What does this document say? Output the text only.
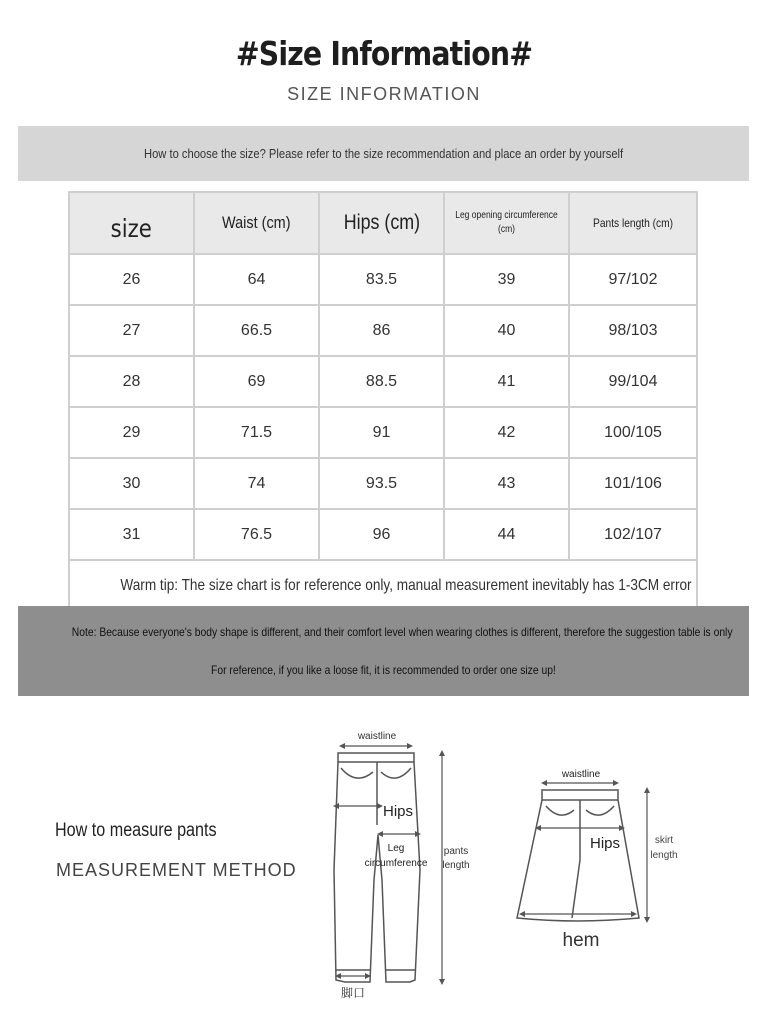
#Size Information#
SIZE INFORMATION
How to choose the size? Please refer to the size recommendation and place an order by yourself
size	Waist (cm)	Hips (cm)	Leg opening circumference (cm)	Pants length (cm)
26	64	83.5	39	97/102
27	66.5	86	40	98/103
28	69	88.5	41	99/104
29	71.5	91	42	100/105
30	74	93.5	43	101/106
31	76.5	96	44	102/107
Warm tip: The size chart is for reference only, manual measurement inevitably has 1-3CM error				
Note: Because everyone's body shape is different, and their comfort level when wearing clothes is different, therefore the suggestion table is only
For reference, if you like a loose fit, it is recommended to order one size up!
How to measure pants
MEASUREMENT METHOD
waistline
Hips
Leg
circumference
pants
length
脚口
waistline
Hips	skirt
length
hem
